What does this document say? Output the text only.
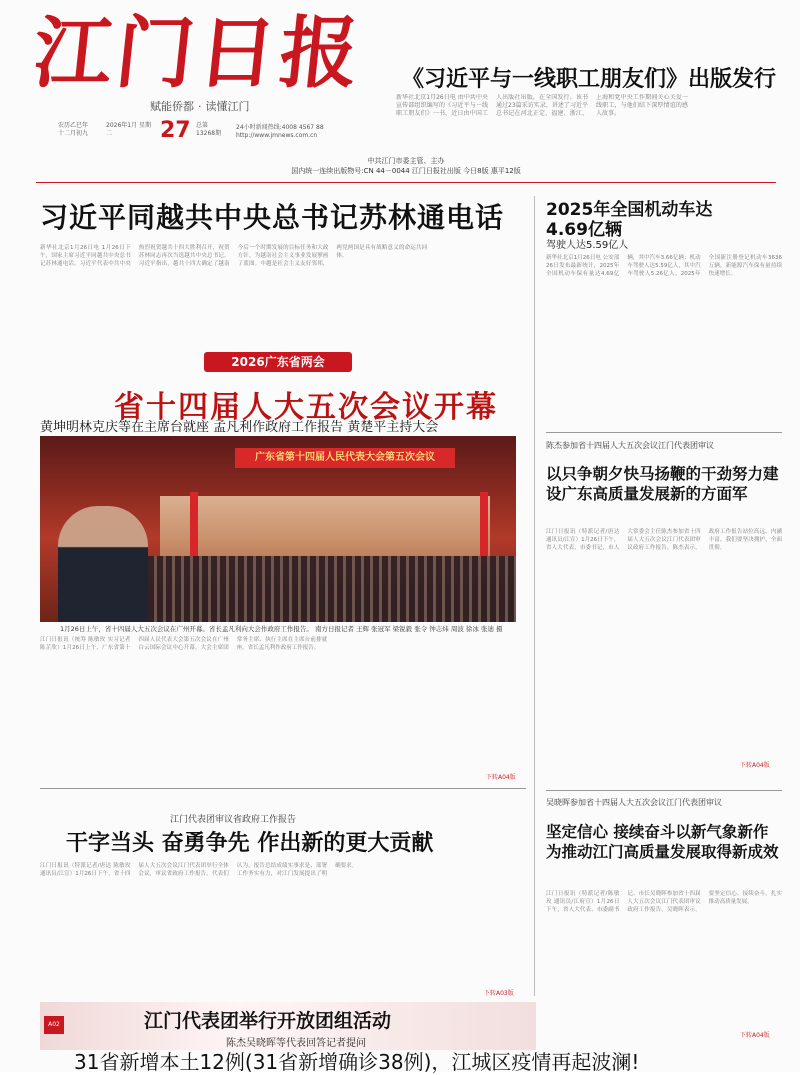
江门日报
赋能侨都 · 读懂江门
《习近平与一线职工朋友们》出版发行
新华社北京1月26日电 由中共中央宣传部组织编写的《习近平与一线职工朋友们》一书，近日由中国工人出版社出版，在全国发行。该书通过23篇采访实录，讲述了习近平总书记在河北正定、福建、浙江、上海和党中央工作期间关心关爱一线职工，与他们结下深厚情谊的感人故事。
农历乙巳年 十二月初九
2026年1月 星期二	27 总第 13268期
24小时新闻热线:4008 4567 88
http://www.jmnews.com.cn
中共江门市委主管、主办
国内统一连续出版物号:CN 44－0044 江门日报社出版 今日8版 惠平12版
习近平同越共中央总书记苏林通电话
新华社北京1月26日电 1月26日下午，国家主席习近平同越共中央总书记苏林通电话。习近平代表中共中央热烈祝贺越共十四大胜利召开，祝贺苏林同志再次当选越共中央总书记。习近平指出，越共十四大确定了越南今后一个时期发展的目标任务和大政方针，为越南社会主义事业发展擘画了蓝图。中越是社会主义友好邻邦，两党两国是具有战略意义的命运共同体。
2026广东省两会
省十四届人大五次会议开幕
黄坤明林克庆等在主席台就座 孟凡利作政府工作报告 黄楚平主持大会
广东省第十四届人民代表大会第五次会议
1月26日上午，省十四届人大五次会议在广州开幕。省长孟凡利向大会作政府工作报告。 南方日报记者 王辉 张冠军 梁锐毅 张令 钟志炜 周波 徐冰 张迪 摄
江门日报讯（统筹 陈敏玫 实习记者 陈芷欣）1月26日上午，广东省第十四届人民代表大会第五次会议在广州白云国际会议中心开幕。大会主席团常务主席、执行主席在主席台前排就座。省长孟凡利作政府工作报告。
下转A04版
江门代表团审议省政府工作报告
干字当头 奋勇争先 作出新的更大贡献
江门日报讯（特派记者/唐达 陈敏玫 通讯员/江宣）1月26日下午，省十四届人大五次会议江门代表团举行全体会议，审议省政府工作报告。代表们认为，报告总结成绩实事求是，部署工作务实有力，对江门发展提出了明确要求。
下转A03版
2025年全国机动车达4.69亿辆
驾驶人达5.59亿人
新华社北京1月26日电 公安部26日发布最新统计，2025年全国机动车保有量达4.69亿辆，其中汽车3.66亿辆；机动车驾驶人达5.59亿人，其中汽车驾驶人5.26亿人。2025年全国新注册登记机动车3636万辆，新能源汽车保有量持续快速增长。
陈杰参加省十四届人大五次会议江门代表团审议
以只争朝夕快马扬鞭的干劲努力建设广东高质量发展新的方面军
江门日报讯（特派记者/唐达 通讯员/江宣）1月26日下午，省人大代表，市委书记，市人大常委会主任陈杰参加省十四届人大五次会议江门代表团审议政府工作报告。陈杰表示，政府工作报告站位高远、内涵丰富，我们要坚决拥护、全面贯彻。
下转A04版
吴晓晖参加省十四届人大五次会议江门代表团审议
坚定信心 接续奋斗以新气象新作为推动江门高质量发展取得新成效
江门日报讯（特派记者/陈敏玫 通讯员/江府宣）1月26日下午，省人大代表、市委副书记、市长吴晓晖参加省十四届人大五次会议江门代表团审议政府工作报告。吴晓晖表示，要坚定信心、接续奋斗，扎实推动高质量发展。
下转A04版
A02	江门代表团举行开放团组活动
陈杰吴晓晖等代表回答记者提问
31省新增本土12例(31省新增确诊38例)，江城区疫情再起波澜!
